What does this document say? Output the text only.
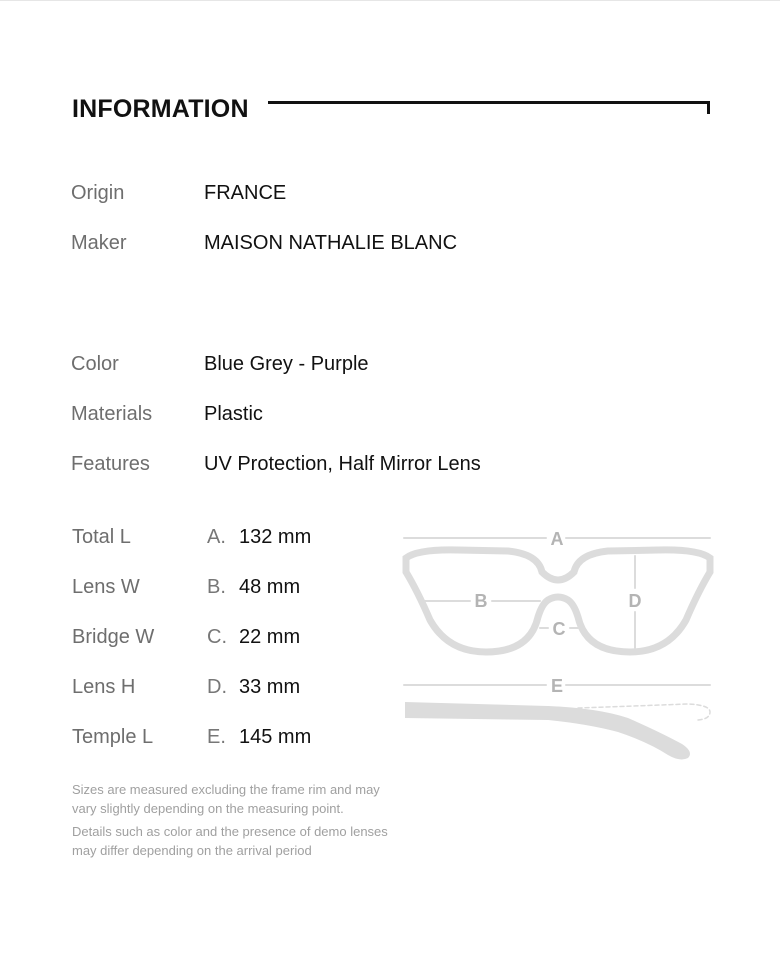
INFORMATION
Origin	FRANCE
Maker	MAISON NATHALIE BLANC
Color	Blue Grey - Purple
Materials	Plastic
Features	UV Protection, Half Mirror Lens
Total L	A. 132 mm
Lens W	B. 48 mm
Bridge W	C. 22 mm
Lens H	D. 33 mm
Temple L	E. 145 mm
A
B
C
D
E
Sizes are measured excluding the frame rim and may vary slightly depending on the measuring point.
Details such as color and the presence of demo lenses may differ depending on the arrival period
